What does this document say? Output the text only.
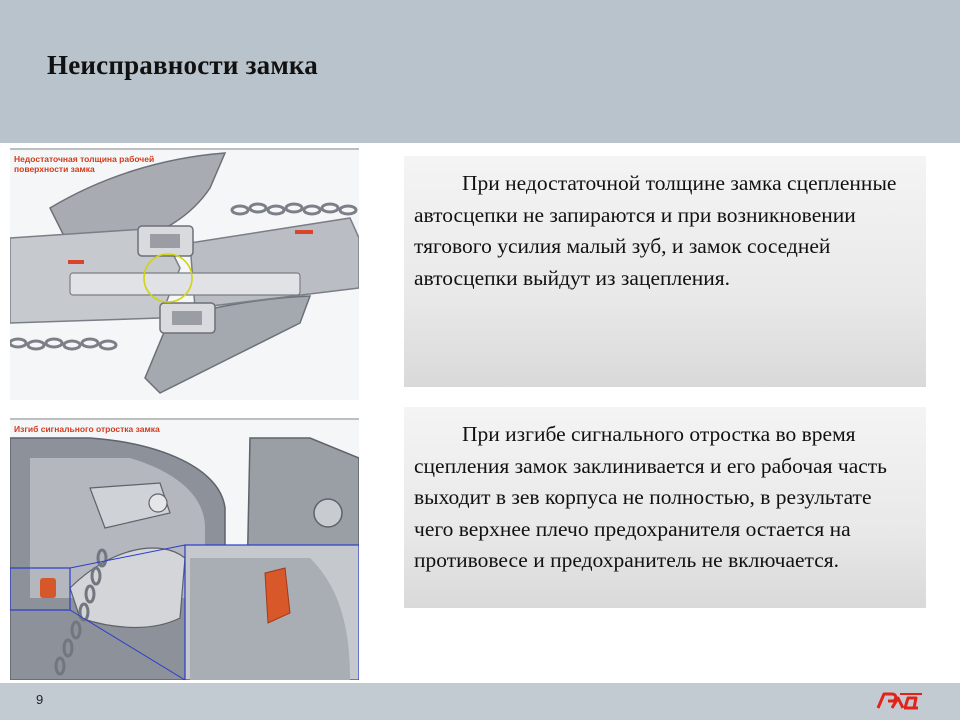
Неисправности замка
Недостаточная толщина рабочей
поверхности замка
Изгиб сигнального отростка замка
При недостаточной толщине замка сцепленные автосцепки не запираются и при возникновении тягового усилия малый зуб, и замок соседней автосцепки выйдут из зацепления.
При изгибе сигнального отростка во время сцепления замок заклинивается и его рабочая часть выходит в зев корпуса не полностью, в результате чего верхнее плечо предохранителя остается на противовесе и предохранитель не включается.
9
